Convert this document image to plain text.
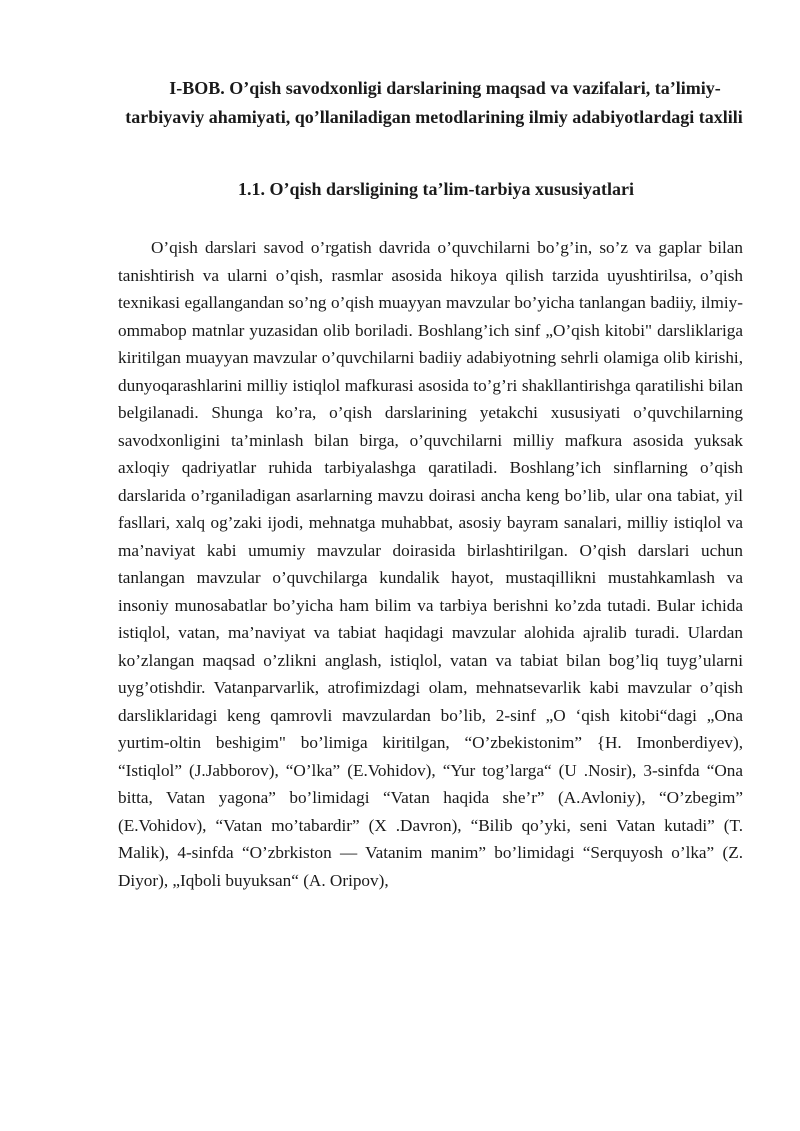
I-BOB. O’qish savodxonligi darslarining maqsad va vazifalari, ta’limiy-tarbiyaviy ahamiyati, qo’llaniladigan metodlarining ilmiy adabiyotlardagi taxlili
1.1. O’qish darsligining ta’lim-tarbiya xususiyatlari

O’qish darslari savod o’rgatish davrida o’quvchilarni bo’g’in, so’z va gaplar bilan tanishtirish va ularni o’qish, rasmlar asosida hikoya qilish tarzida uyushtirilsa, o’qish texnikasi egallangandan so’ng o’qish muayyan mavzular bo’yicha tanlangan badiiy, ilmiy-ommabop matnlar yuzasidan olib boriladi. Boshlang’ich sinf „O’qish kitobi" darsliklariga kiritilgan muayyan mavzular o’quvchilarni badiiy adabiyotning sehrli olamiga olib kirishi, dunyoqarashlarini milliy istiqlol mafkurasi asosida to’g’ri shakllantirishga qaratilishi bilan belgilanadi. Shunga ko’ra, o’qish darslarining yetakchi xususiyati o’quvchilarning savodxonligini ta’minlash bilan birga, o’quvchilarni milliy mafkura asosida yuksak axloqiy qadriyatlar ruhida tarbiyalashga qaratiladi. Boshlang’ich sinflarning o’qish darslarida o’rganiladigan asarlarning mavzu doirasi ancha keng bo’lib, ular ona tabiat, yil fasllari, xalq og’zaki ijodi, mehnatga muhabbat, asosiy bayram sanalari, milliy istiqlol va ma’naviyat kabi umumiy mavzular doirasida birlashtirilgan. O’qish darslari uchun tanlangan mavzular o’quvchilarga kundalik hayot, mustaqillikni mustahkamlash va insoniy munosabatlar bo’yicha ham bilim va tarbiya berishni ko’zda tutadi. Bular ichida istiqlol, vatan, ma’naviyat va tabiat haqidagi mavzular alohida ajralib turadi. Ulardan ko’zlangan maqsad o’zlikni anglash, istiqlol, vatan va tabiat bilan bog’liq tuyg’ularni uyg’otishdir. Vatanparvarlik, atrofimizdagi olam, mehnatsevarlik kabi mavzular o’qish darsliklaridagi keng qamrovli mavzulardan bo’lib, 2-sinf „O ‘qish kitobi“dagi „Ona yurtim-oltin beshigim" bo’limiga kiritilgan, “O’zbekistonim” {H. Imonberdiyev), “Istiqlol” (J.Jabborov), “O’lka” (E.Vohidov), “Yur tog’larga“ (U .Nosir), 3-sinfda “Ona bitta, Vatan yagona” bo’limidagi “Vatan haqida she’r” (A.Avloniy), “O’zbegim” (E.Vohidov), “Vatan mo’tabardir” (X .Davron), “Bilib qo’yki, seni Vatan kutadi” (T. Malik), 4-sinfda “O’zbrkiston — Vatanim manim” bo’limidagi “Serquyosh o’lka” (Z. Diyor), „Iqboli buyuksan“ (A. Oripov),
